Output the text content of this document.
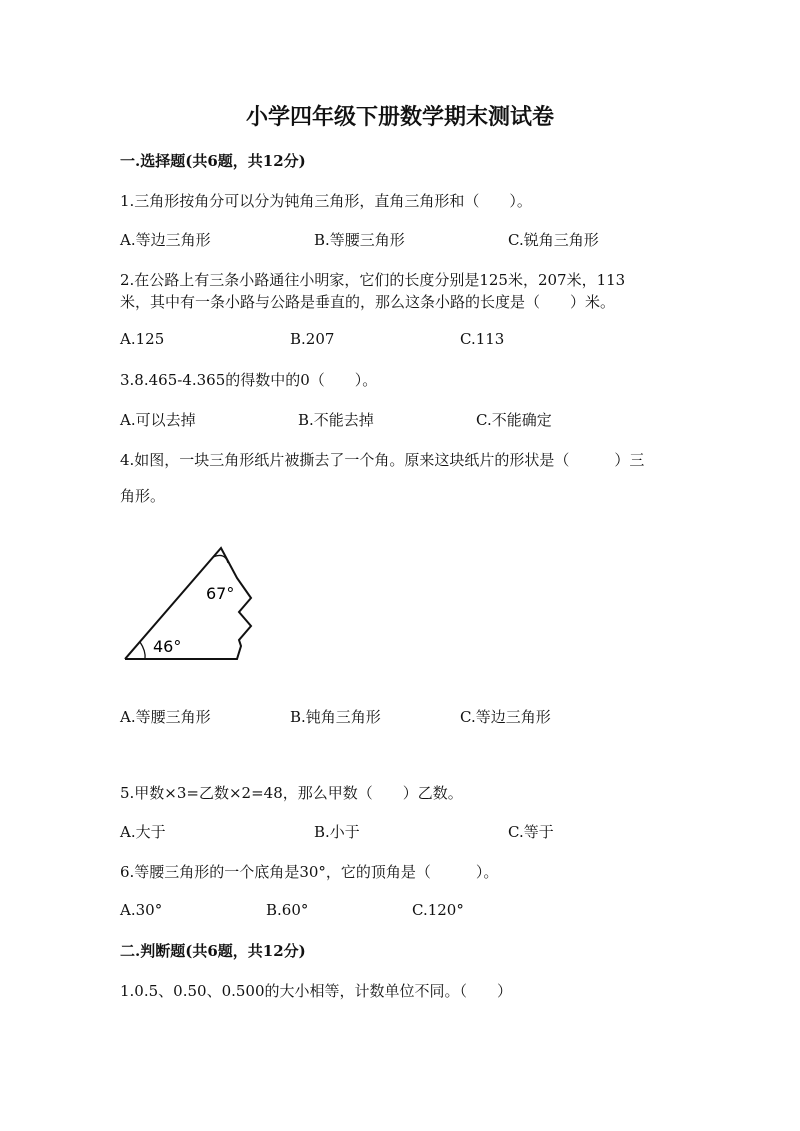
小学四年级下册数学期末测试卷
一.选择题(共6题，共12分)
1.三角形按角分可以分为钝角三角形，直角三角形和（　　）。
A.等边三角形	B.等腰三角形	C.锐角三角形
2.在公路上有三条小路通往小明家，它们的长度分别是125米，207米，113
米，其中有一条小路与公路是垂直的，那么这条小路的长度是（　　）米。
A.125	B.207	C.113
3.8.465-4.365的得数中的0（　　）。
A.可以去掉	B.不能去掉	C.不能确定
4.如图，一块三角形纸片被撕去了一个角。原来这块纸片的形状是（　　　）三
角形。
67°
46°
A.等腰三角形	B.钝角三角形	C.等边三角形
5.甲数×3=乙数×2=48，那么甲数（　　）乙数。
A.大于	B.小于	C.等于
6.等腰三角形的一个底角是30°，它的顶角是（　　　）。
A.30°	B.60°	C.120°
二.判断题(共6题，共12分)
1.0.5、0.50、0.500的大小相等，计数单位不同。（　　）
